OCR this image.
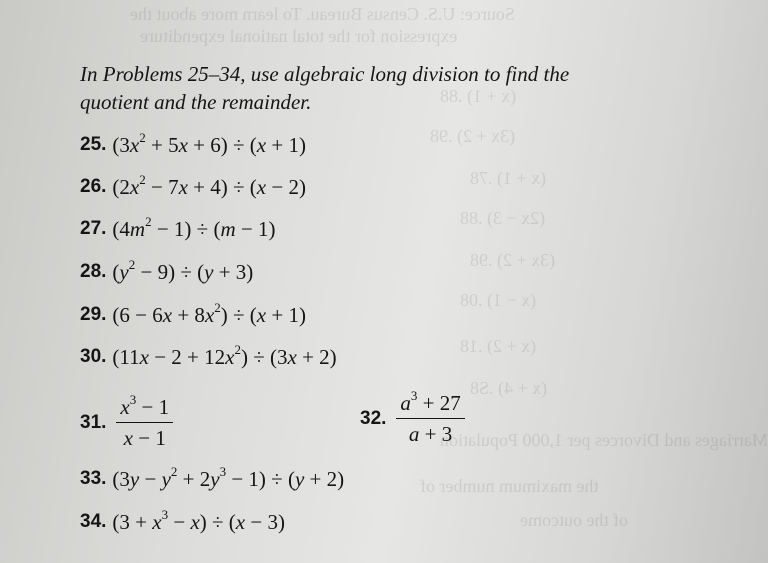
Source: U.S. Census Bureau. To learn more about the
expression for the total national expenditure
(x + 1) .88
(3x + 2) .98
(x + 1) .78
(2x − 3) .88
(3x + 2) .98
(x − 1) .08
(x + 2) .18
(x + 4) .S8
Marriages and Divorces per 1,000 Population
the maximum number of
of the outcome
In Problems 25–34, use algebraic long division to find the
quotient and the remainder.
25. $(3x^2 + 5x + 6) \div (x + 1)$
26. $(2x^2 - 7x + 4) \div (x - 2)$
27. $(4m^2 - 1) \div (m - 1)$
28. $(y^2 - 9) \div (y + 3)$
29. $(6 - 6x + 8x^2) \div (x + 1)$
30. $(11x - 2 + 12x^2) \div (3x + 2)$
31. $\frac{x^3 - 1}{x - 1}$	32. $\frac{a^3 + 27}{a + 3}$
33. $(3y - y^2 + 2y^3 - 1) \div (y + 2)$
34. $(3 + x^3 - x) \div (x - 3)$
